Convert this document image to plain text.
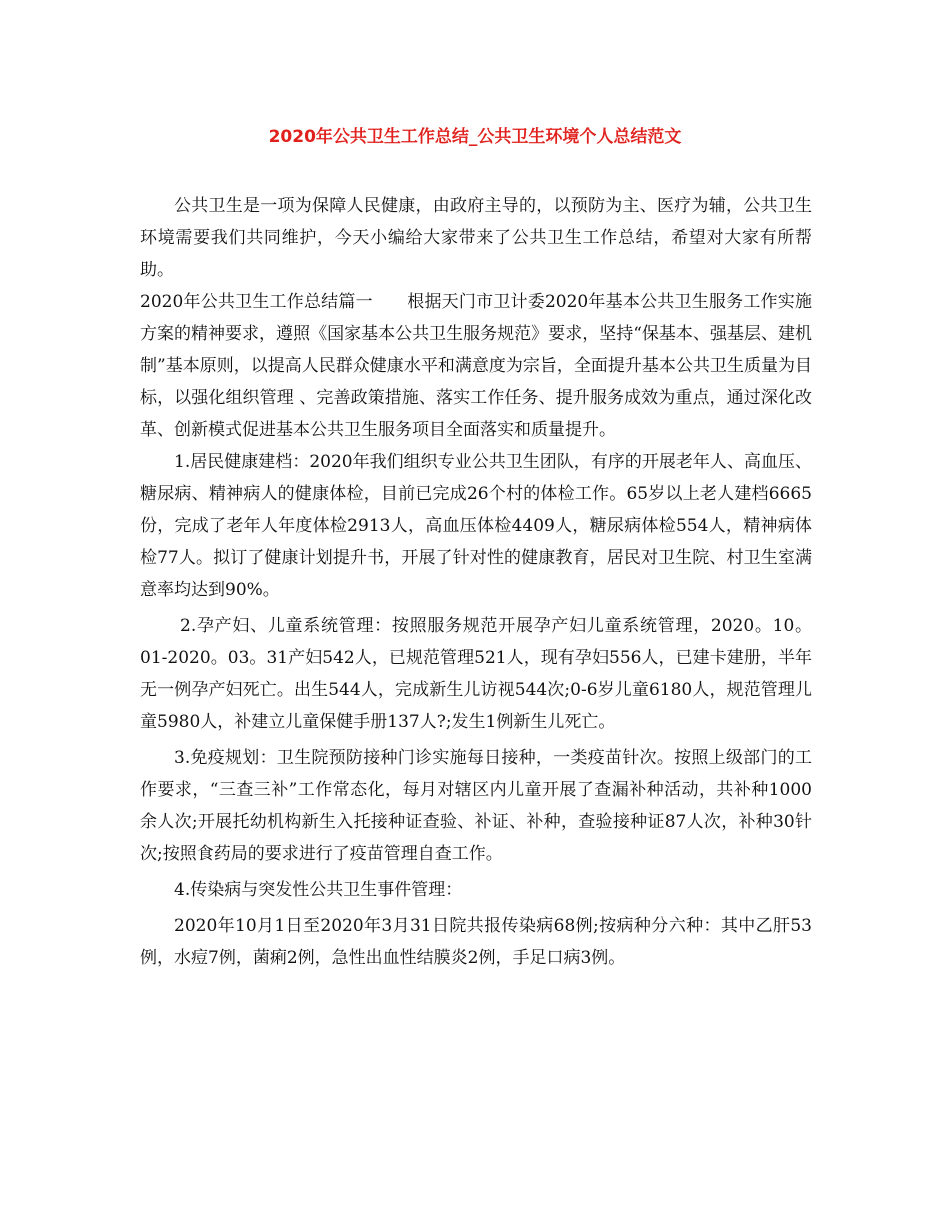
2020年公共卫生工作总结_公共卫生环境个人总结范文

公共卫生是一项为保障人民健康，由政府主导的，以预防为主、医疗为辅，公共卫生环境需要我们共同维护，今天小编给大家带来了公共卫生工作总结，希望对大家有所帮助。

2020年公共卫生工作总结篇一　　根据天门市卫计委2020年基本公共卫生服务工作实施方案的精神要求，遵照《国家基本公共卫生服务规范》要求，坚持“保基本、强基层、建机制”基本原则，以提高人民群众健康水平和满意度为宗旨，全面提升基本公共卫生质量为目标，以强化组织管理 、完善政策措施、落实工作任务、提升服务成效为重点，通过深化改革、创新模式促进基本公共卫生服务项目全面落实和质量提升。

1.居民健康建档：2020年我们组织专业公共卫生团队，有序的开展老年人、高血压、糖尿病、精神病人的健康体检，目前已完成26个村的体检工作。65岁以上老人建档6665份，完成了老年人年度体检2913人，高血压体检4409人，糖尿病体检554人，精神病体检77人。拟订了健康计划提升书，开展了针对性的健康教育，居民对卫生院、村卫生室满意率均达到90%。

2.孕产妇、儿童系统管理：按照服务规范开展孕产妇儿童系统管理，2020。10。01-2020。03。31产妇542人，已规范管理521人，现有孕妇556人，已建卡建册，半年无一例孕产妇死亡。出生544人，完成新生儿访视544次;0-6岁儿童6180人，规范管理儿童5980人，补建立儿童保健手册137人?;发生1例新生儿死亡。

3.免疫规划：卫生院预防接种门诊实施每日接种，一类疫苗针次。按照上级部门的工作要求，“三查三补”工作常态化，每月对辖区内儿童开展了查漏补种活动，共补种1000余人次;开展托幼机构新生入托接种证查验、补证、补种，查验接种证87人次，补种30针次;按照食药局的要求进行了疫苗管理自查工作。

4.传染病与突发性公共卫生事件管理：

2020年10月1日至2020年3月31日院共报传染病68例;按病种分六种：其中乙肝53例，水痘7例，菌痢2例，急性出血性结膜炎2例，手足口病3例。
